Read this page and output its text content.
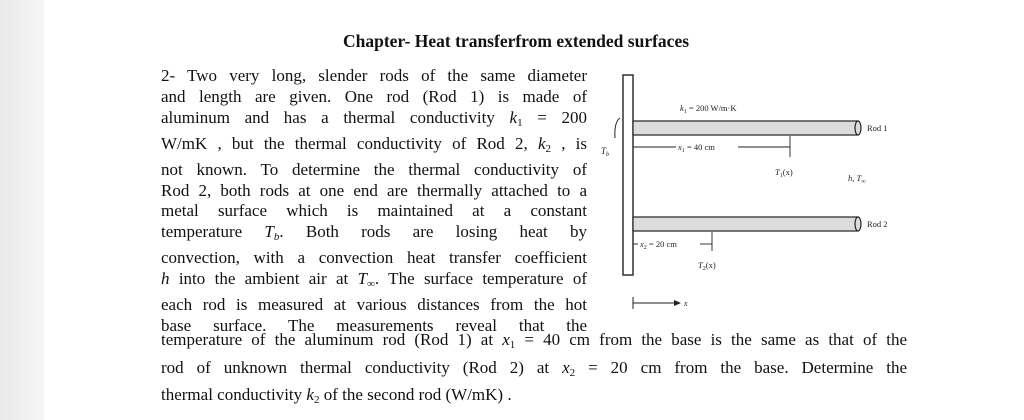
Chapter- Heat transferfrom extended surfaces
2- Two very long, slender rods of the same diameter
and length are given. One rod (Rod 1) is made of
aluminum and has a thermal conductivity $k_1 = 200$
W/mK , but the thermal conductivity of Rod 2, $k_2$ , is
not known. To determine the thermal conductivity of
Rod 2, both rods at one end are thermally attached to a
metal surface which is maintained at a constant
temperature $T_b$. Both rods are losing heat by
convection, with a convection heat transfer coefficient
h into the ambient air at $T_\infty$. The surface temperature of
each rod is measured at various distances from the hot
base surface. The measurements reveal that the
temperature of the aluminum rod (Rod 1) at $x_1 = 40$ cm from the base is the same as that of the
rod of unknown thermal conductivity (Rod 2) at $x_2 = 20$ cm from the base. Determine the
thermal conductivity $k_2$ of the second rod (W/mK) .
$k_1 = 200$ W/m·K
Rod 1
Rod 2
$T_b$
$x_1 = 40$ cm
$T_1(x)$
h, $T_\infty$
$x_2 = 20$ cm
$T_2(x)$
x
